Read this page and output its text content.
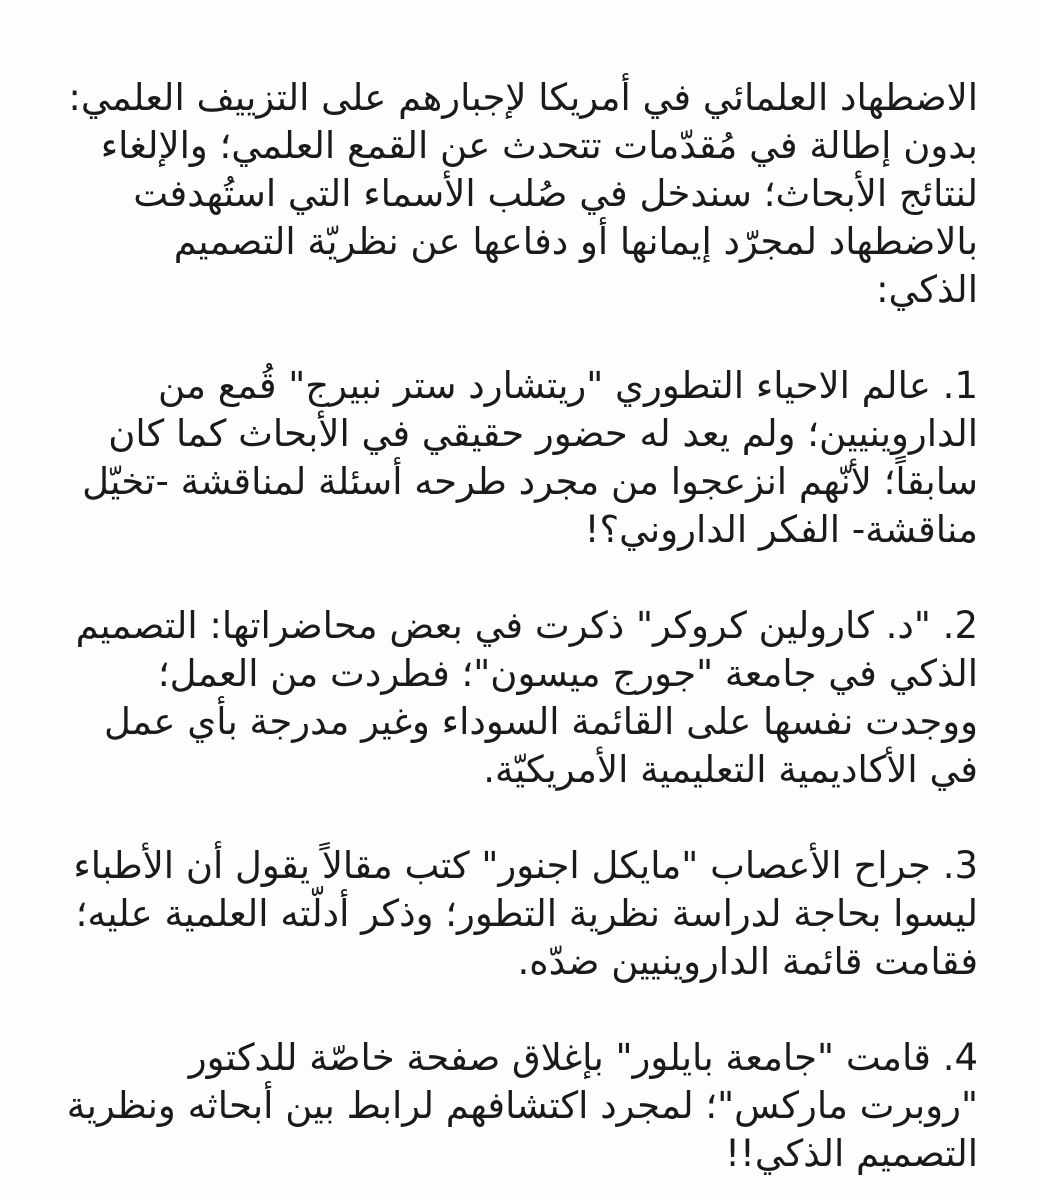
الاضطهاد العلمائي في أمريكا لإجبارهم على التزييف العلمي: بدون إطالة في مُقدّمات تتحدث عن القمع العلمي؛ والإلغاء لنتائج الأبحاث؛ سندخل في صُلب الأسماء التي استُهدفت بالاضطهاد لمجرّد إيمانها أو دفاعها عن نظريّة التصميم الذكي:

1. عالم الاحياء التطوري "ريتشارد ستر نبيرج" قُمع من الداروينيين؛ ولم يعد له حضور حقيقي في الأبحاث كما كان سابقاً؛ لأنّهم انزعجوا من مجرد طرحه أسئلة لمناقشة -تخيّل مناقشة- الفكر الداروني؟!

2. "د. كارولين كروكر" ذكرت في بعض محاضراتها: التصميم الذكي في جامعة "جورج ميسون"؛ فطردت من العمل؛ ووجدت نفسها على القائمة السوداء وغير مدرجة بأي عمل في الأكاديمية التعليمية الأمريكيّة.

3. جراح الأعصاب "مايكل اجنور" كتب مقالاً يقول أن الأطباء ليسوا بحاجة لدراسة نظرية التطور؛ وذكر أدلّته العلمية عليه؛ فقامت قائمة الداروينيين ضدّه.

4. قامت "جامعة بايلور" بإغلاق صفحة خاصّة للدكتور "روبرت ماركس"؛ لمجرد اكتشافهم لرابط بين أبحاثه ونظرية التصميم الذكي!!
